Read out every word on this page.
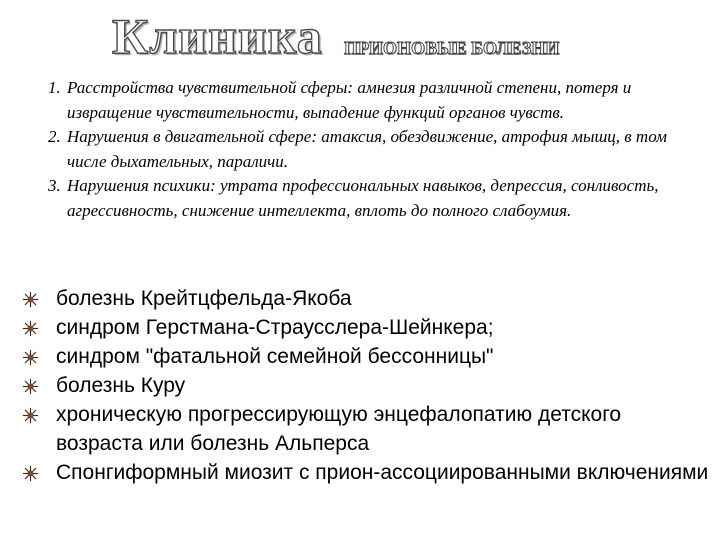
Клиника ПРИОНОВЫЕ БОЛЕЗНИ
1. Расстройства чувствительной сферы: амнезия различной степени, потеря и извращение чувствительности, выпадение функций органов чувств.
2. Нарушения в двигательной сфере: атаксия, обездвижение, атрофия мышц, в том числе дыхательных, параличи.
3. Нарушения психики: утрата профессиональных навыков, депрессия, сонливость, агрессивность, снижение интеллекта, вплоть до полного слабоумия.
болезнь Крейтцфельда-Якоба
синдром Герстмана-Страусслера-Шейнкера;
синдром "фатальной семейной бессонницы"
болезнь Куру
хроническую прогрессирующую энцефалопатию детского возраста или болезнь Альперса
Спонгиформный миозит с прион-ассоциированными включениями
